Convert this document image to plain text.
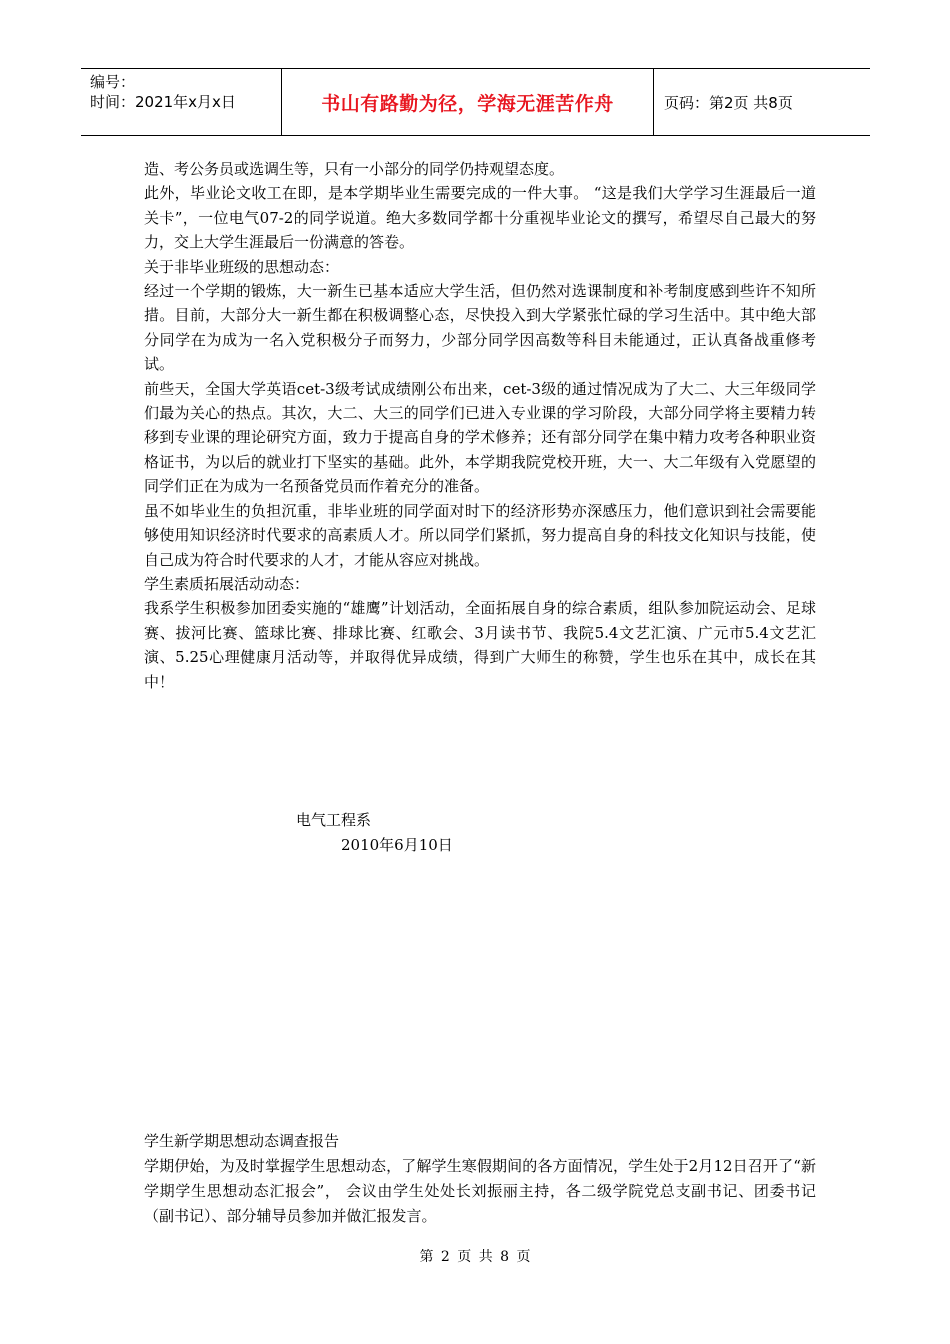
编号：
时间：2021年x月x日	书山有路勤为径，学海无涯苦作舟	页码：第2页 共8页

造、考公务员或选调生等，只有一小部分的同学仍持观望态度。

此外，毕业论文收工在即，是本学期毕业生需要完成的一件大事。 “这是我们大学学习生涯最后一道关卡”，一位电气07-2的同学说道。绝大多数同学都十分重视毕业论文的撰写，希望尽自己最大的努力，交上大学生涯最后一份满意的答卷。

关于非毕业班级的思想动态：

经过一个学期的锻炼，大一新生已基本适应大学生活，但仍然对选课制度和补考制度感到些许不知所措。目前，大部分大一新生都在积极调整心态，尽快投入到大学紧张忙碌的学习生活中。其中绝大部分同学在为成为一名入党积极分子而努力，少部分同学因高数等科目未能通过，正认真备战重修考试。

前些天，全国大学英语cet-3级考试成绩刚公布出来，cet-3级的通过情况成为了大二、大三年级同学们最为关心的热点。其次，大二、大三的同学们已进入专业课的学习阶段，大部分同学将主要精力转移到专业课的理论研究方面，致力于提高自身的学术修养；还有部分同学在集中精力攻考各种职业资格证书，为以后的就业打下坚实的基础。此外，本学期我院党校开班，大一、大二年级有入党愿望的同学们正在为成为一名预备党员而作着充分的准备。

虽不如毕业生的负担沉重，非毕业班的同学面对时下的经济形势亦深感压力，他们意识到社会需要能够使用知识经济时代要求的高素质人才。所以同学们紧抓，努力提高自身的科技文化知识与技能，使自己成为符合时代要求的人才，才能从容应对挑战。

学生素质拓展活动动态：

我系学生积极参加团委实施的“雄鹰”计划活动，全面拓展自身的综合素质，组队参加院运动会、足球赛、拔河比赛、篮球比赛、排球比赛、红歌会、3月读书节、我院5.4文艺汇演、广元市5.4文艺汇演、5.25心理健康月活动等，并取得优异成绩，得到广大师生的称赞，学生也乐在其中，成长在其中！

电气工程系
2010年6月10日

学生新学期思想动态调查报告

学期伊始，为及时掌握学生思想动态，了解学生寒假期间的各方面情况，学生处于2月12日召开了“新学期学生思想动态汇报会”， 会议由学生处处长刘振丽主持，各二级学院党总支副书记、团委书记（副书记）、部分辅导员参加并做汇报发言。

第 2 页 共 8 页
